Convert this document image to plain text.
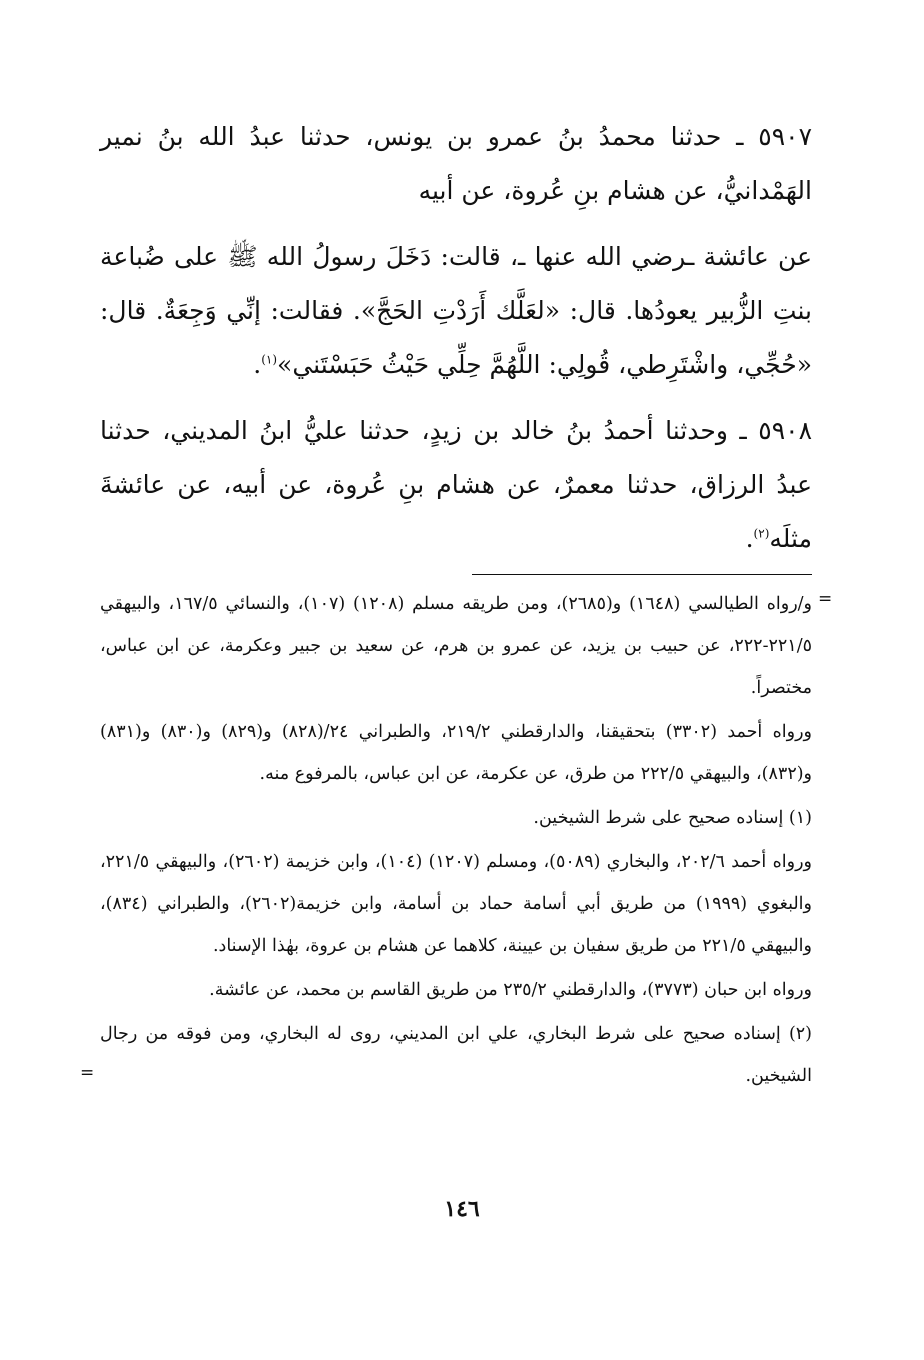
٥٩٠٧ ـ حدثنا محمدُ بنُ عمرو بن يونس، حدثنا عبدُ الله بنُ نمير الهَمْدانيُّ، عن هشام بنِ عُروة، عن أبيه

عن عائشة ـرضي الله عنها ـ، قالت: دَخَلَ رسولُ الله ﷺ على ضُباعة بنتِ الزُّبير يعودُها. قال: «لعَلَّك أَرَدْتِ الحَجَّ». فقالت: إنِّي وَجِعَةٌ. قال: «حُجِّي، واشْتَرِطي، قُولِي: اللَّهُمَّ حِلِّي حَيْثُ حَبَسْتَني»$^{(١)}$.

٥٩٠٨ ـ وحدثنا أحمدُ بنُ خالد بن زيدٍ، حدثنا عليُّ ابنُ المديني، حدثنا عبدُ الرزاق، حدثنا معمرٌ، عن هشام بنِ عُروة، عن أبيه، عن عائشةَ مثلَه$^{(٢)}$.

=

و/رواه الطيالسي (١٦٤٨) و(٢٦٨٥)، ومن طريقه مسلم (١٢٠٨) (١٠٧)، والنسائي ١٦٧/٥، والبيهقي ٢٢١/٥-٢٢٢، عن حبيب بن يزيد، عن عمرو بن هرم، عن سعيد بن جبير وعكرمة، عن ابن عباس، مختصراً.

ورواه أحمد (٣٣٠٢) بتحقيقنا، والدارقطني ٢١٩/٢، والطبراني ٢٤/(٨٢٨) و(٨٢٩) و(٨٣٠) و(٨٣١) و(٨٣٢)، والبيهقي ٢٢٢/٥ من طرق، عن عكرمة، عن ابن عباس، بالمرفوع منه.

(١) إسناده صحيح على شرط الشيخين.

ورواه أحمد ٢٠٢/٦، والبخاري (٥٠٨٩)، ومسلم (١٢٠٧) (١٠٤)، وابن خزيمة (٢٦٠٢)، والبيهقي ٢٢١/٥، والبغوي (١٩٩٩) من طريق أبي أسامة حماد بن أسامة، وابن خزيمة(٢٦٠٢)، والطبراني (٨٣٤)، والبيهقي ٢٢١/٥ من طريق سفيان بن عيينة، كلاهما عن هشام بن عروة، بهٰذا الإسناد.

ورواه ابن حبان (٣٧٧٣)، والدارقطني ٢٣٥/٢ من طريق القاسم بن محمد، عن عائشة.

(٢) إسناده صحيح على شرط البخاري، علي ابن المديني، روى له البخاري، ومن فوقه من رجال الشيخين.

=
١٤٦
